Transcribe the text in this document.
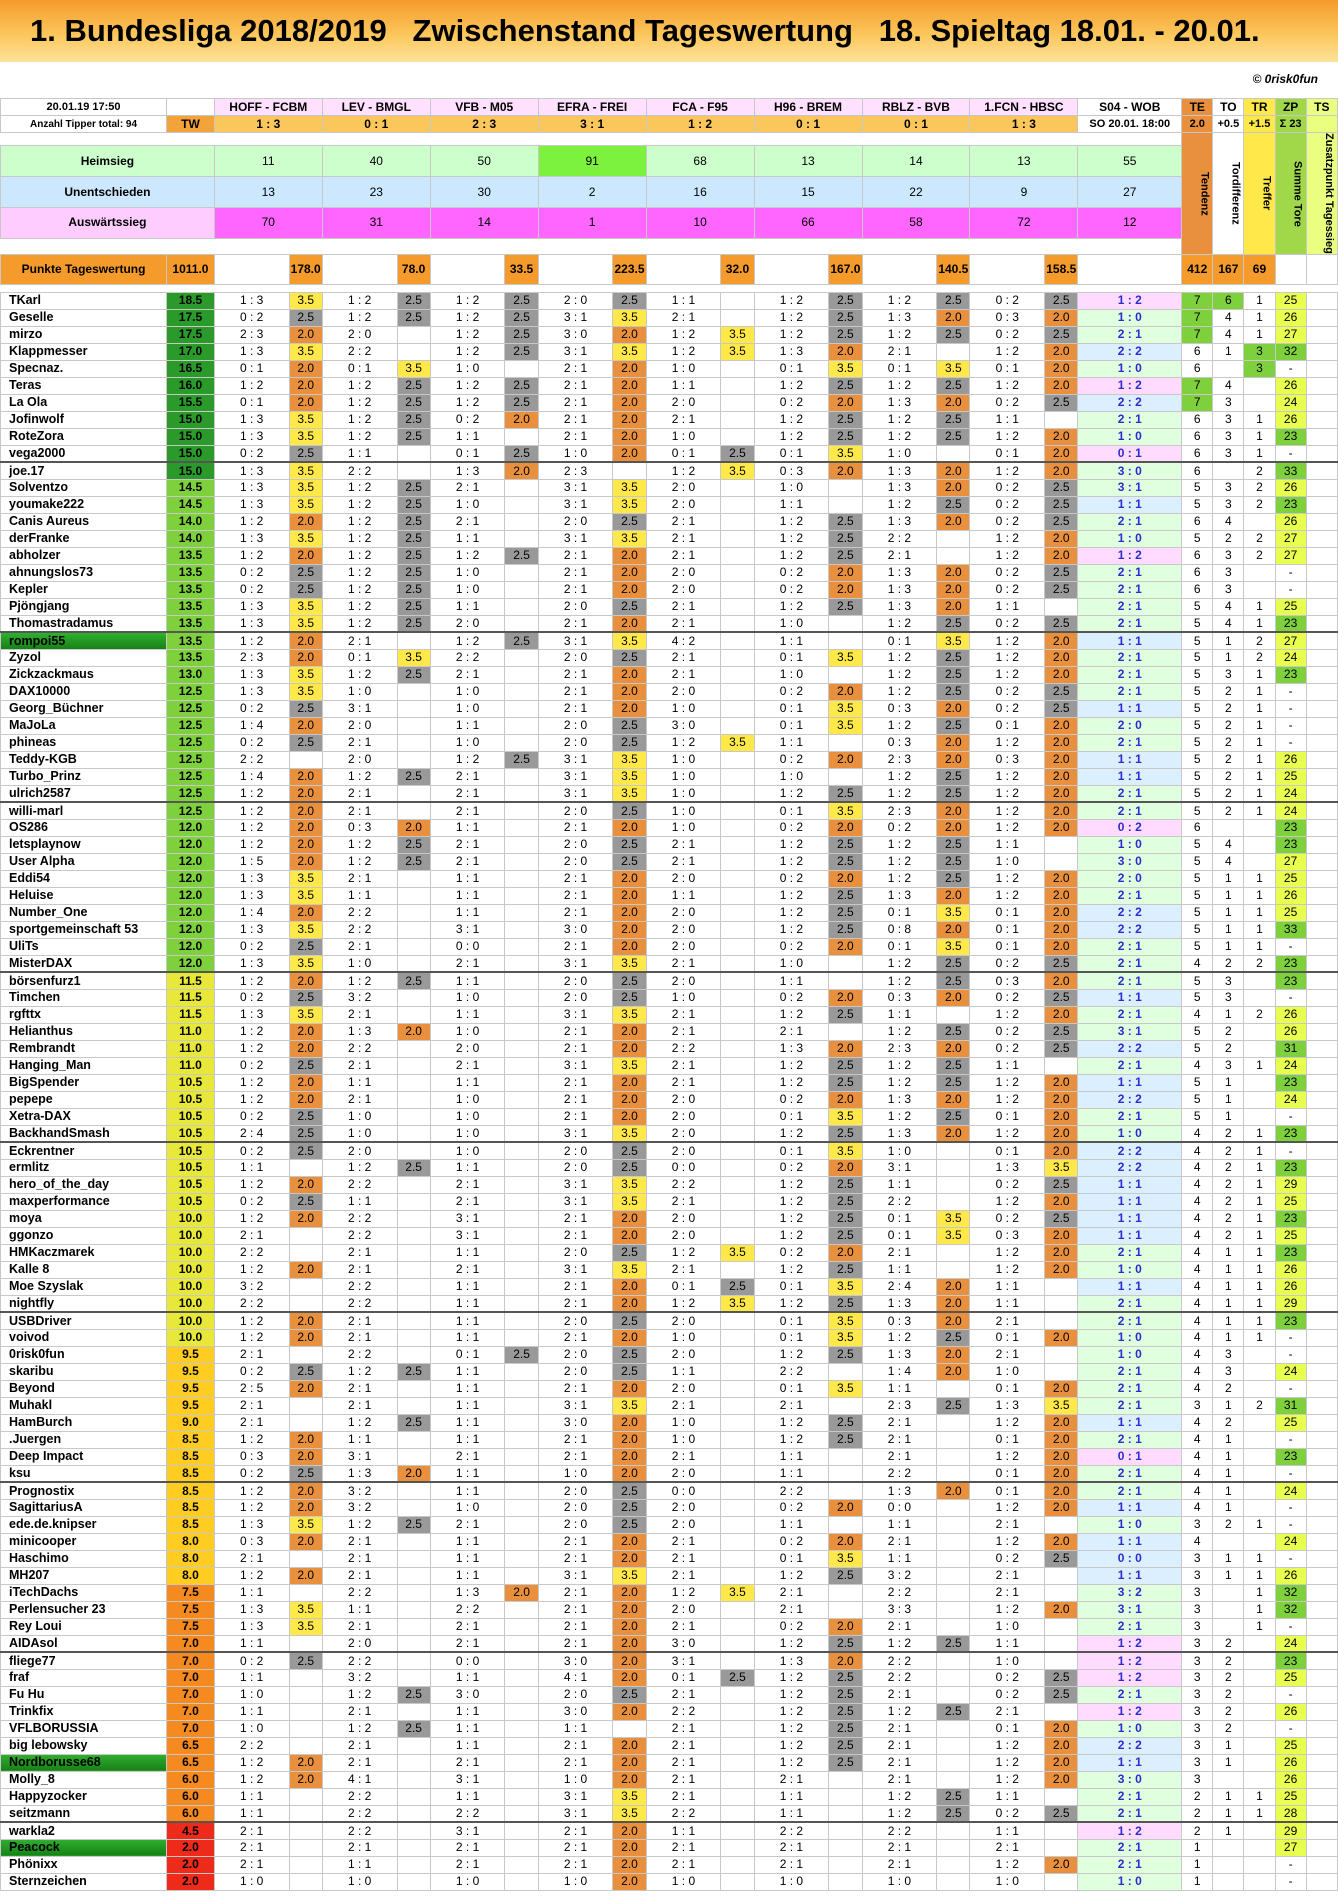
1. Bundesliga 2018/2019   Zwischenstand Tageswertung   18. Spieltag 18.01. - 20.01.
© 0risk0fun
20.01.19 17:50		HOFF - FCBM		LEV - BMGL		VFB - M05		EFRA - FREI		FCA - F95		H96 - BREM		RBLZ - BVB		1.FCN - HBSC		S04 - WOB	TE	TO	TR	ZP	TS
Anzahl Tipper total: 94	TW	1 : 3		0 : 1		2 : 3		3 : 1		1 : 2		0 : 1		0 : 1		1 : 3		SO 20.01. 18:00	2.0	+0.5	+1.5	Σ 23	
																			Tendenz	Tordifferenz	Treffer	Summe Tore	Zusatzpunkt Tagessieg
Heimsieg		11		40		50		91		68		13		14		13		55					
Unentschieden		13		23		30		2		16		15		22		9		27					
Auswärtssieg		70		31		14		1		10		66		58		72		12					

Punkte Tageswertung	1011.0		178.0		78.0		33.5		223.5		32.0		167.0		140.5		158.5		412	167	69		

TKarl	18.5	1 : 3	3.5	1 : 2	2.5	1 : 2	2.5	2 : 0	2.5	1 : 1		1 : 2	2.5	1 : 2	2.5	0 : 2	2.5	1 : 2	7	6	1	25	
Geselle	17.5	0 : 2	2.5	1 : 2	2.5	1 : 2	2.5	3 : 1	3.5	2 : 1		1 : 2	2.5	1 : 3	2.0	0 : 3	2.0	1 : 0	7	4	1	26	
mirzo	17.5	2 : 3	2.0	2 : 0		1 : 2	2.5	3 : 0	2.0	1 : 2	3.5	1 : 2	2.5	1 : 2	2.5	0 : 2	2.5	2 : 1	7	4	1	27	
Klappmesser	17.0	1 : 3	3.5	2 : 2		1 : 2	2.5	3 : 1	3.5	1 : 2	3.5	1 : 3	2.0	2 : 1		1 : 2	2.0	2 : 2	6	1	3	32	
Specnaz.	16.5	0 : 1	2.0	0 : 1	3.5	1 : 0		2 : 1	2.0	1 : 0		0 : 1	3.5	0 : 1	3.5	0 : 1	2.0	1 : 0	6		3	-	
Teras	16.0	1 : 2	2.0	1 : 2	2.5	1 : 2	2.5	2 : 1	2.0	1 : 1		1 : 2	2.5	1 : 2	2.5	1 : 2	2.0	1 : 2	7	4		26	
La Ola	15.5	0 : 1	2.0	1 : 2	2.5	1 : 2	2.5	2 : 1	2.0	2 : 0		0 : 2	2.0	1 : 3	2.0	0 : 2	2.5	2 : 2	7	3		24	
Jofinwolf	15.0	1 : 3	3.5	1 : 2	2.5	0 : 2	2.0	2 : 1	2.0	2 : 1		1 : 2	2.5	1 : 2	2.5	1 : 1		2 : 1	6	3	1	26	
RoteZora	15.0	1 : 3	3.5	1 : 2	2.5	1 : 1		2 : 1	2.0	1 : 0		1 : 2	2.5	1 : 2	2.5	1 : 2	2.0	1 : 0	6	3	1	23	
vega2000	15.0	0 : 2	2.5	1 : 1		0 : 1	2.5	1 : 0	2.0	0 : 1	2.5	0 : 1	3.5	1 : 0		0 : 1	2.0	0 : 1	6	3	1	-	
joe.17	15.0	1 : 3	3.5	2 : 2		1 : 3	2.0	2 : 3		1 : 2	3.5	0 : 3	2.0	1 : 3	2.0	1 : 2	2.0	3 : 0	6		2	33	
Solventzo	14.5	1 : 3	3.5	1 : 2	2.5	2 : 1		3 : 1	3.5	2 : 0		1 : 0		1 : 3	2.0	0 : 2	2.5	3 : 1	5	3	2	26	
youmake222	14.5	1 : 3	3.5	1 : 2	2.5	1 : 0		3 : 1	3.5	2 : 0		1 : 1		1 : 2	2.5	0 : 2	2.5	1 : 1	5	3	2	23	
Canis Aureus	14.0	1 : 2	2.0	1 : 2	2.5	2 : 1		2 : 0	2.5	2 : 1		1 : 2	2.5	1 : 3	2.0	0 : 2	2.5	2 : 1	6	4		26	
derFranke	14.0	1 : 3	3.5	1 : 2	2.5	1 : 1		3 : 1	3.5	2 : 1		1 : 2	2.5	2 : 2		1 : 2	2.0	1 : 0	5	2	2	27	
abholzer	13.5	1 : 2	2.0	1 : 2	2.5	1 : 2	2.5	2 : 1	2.0	2 : 1		1 : 2	2.5	2 : 1		1 : 2	2.0	1 : 2	6	3	2	27	
ahnungslos73	13.5	0 : 2	2.5	1 : 2	2.5	1 : 0		2 : 1	2.0	2 : 0		0 : 2	2.0	1 : 3	2.0	0 : 2	2.5	2 : 1	6	3		-	
Kepler	13.5	0 : 2	2.5	1 : 2	2.5	1 : 0		2 : 1	2.0	2 : 0		0 : 2	2.0	1 : 3	2.0	0 : 2	2.5	2 : 1	6	3		-	
Pjöngjang	13.5	1 : 3	3.5	1 : 2	2.5	1 : 1		2 : 0	2.5	2 : 1		1 : 2	2.5	1 : 3	2.0	1 : 1		2 : 1	5	4	1	25	
Thomastradamus	13.5	1 : 3	3.5	1 : 2	2.5	2 : 0		2 : 1	2.0	2 : 1		1 : 0		1 : 2	2.5	0 : 2	2.5	2 : 1	5	4	1	23	
rompoi55	13.5	1 : 2	2.0	2 : 1		1 : 2	2.5	3 : 1	3.5	4 : 2		1 : 1		0 : 1	3.5	1 : 2	2.0	1 : 1	5	1	2	27	
Zyzol	13.5	2 : 3	2.0	0 : 1	3.5	2 : 2		2 : 0	2.5	2 : 1		0 : 1	3.5	1 : 2	2.5	1 : 2	2.0	2 : 1	5	1	2	24	
Zickzackmaus	13.0	1 : 3	3.5	1 : 2	2.5	2 : 1		2 : 1	2.0	2 : 1		1 : 0		1 : 2	2.5	1 : 2	2.0	2 : 1	5	3	1	23	
DAX10000	12.5	1 : 3	3.5	1 : 0		1 : 0		2 : 1	2.0	2 : 0		0 : 2	2.0	1 : 2	2.5	0 : 2	2.5	2 : 1	5	2	1	-	
Georg_Büchner	12.5	0 : 2	2.5	3 : 1		1 : 0		2 : 1	2.0	1 : 0		0 : 1	3.5	0 : 3	2.0	0 : 2	2.5	1 : 1	5	2	1	-	
MaJoLa	12.5	1 : 4	2.0	2 : 0		1 : 1		2 : 0	2.5	3 : 0		0 : 1	3.5	1 : 2	2.5	0 : 1	2.0	2 : 0	5	2	1	-	
phineas	12.5	0 : 2	2.5	2 : 1		1 : 0		2 : 0	2.5	1 : 2	3.5	1 : 1		0 : 3	2.0	1 : 2	2.0	2 : 1	5	2	1	-	
Teddy-KGB	12.5	2 : 2		2 : 0		1 : 2	2.5	3 : 1	3.5	1 : 0		0 : 2	2.0	2 : 3	2.0	0 : 3	2.0	1 : 1	5	2	1	26	
Turbo_Prinz	12.5	1 : 4	2.0	1 : 2	2.5	2 : 1		3 : 1	3.5	1 : 0		1 : 0		1 : 2	2.5	1 : 2	2.0	1 : 1	5	2	1	25	
ulrich2587	12.5	1 : 2	2.0	2 : 1		2 : 1		3 : 1	3.5	1 : 0		1 : 2	2.5	1 : 2	2.5	1 : 2	2.0	2 : 1	5	2	1	24	
willi-marl	12.5	1 : 2	2.0	2 : 1		2 : 1		2 : 0	2.5	1 : 0		0 : 1	3.5	2 : 3	2.0	1 : 2	2.0	2 : 1	5	2	1	24	
OS286	12.0	1 : 2	2.0	0 : 3	2.0	1 : 1		2 : 1	2.0	1 : 0		0 : 2	2.0	0 : 2	2.0	1 : 2	2.0	0 : 2	6			23	
letsplaynow	12.0	1 : 2	2.0	1 : 2	2.5	2 : 1		2 : 0	2.5	2 : 1		1 : 2	2.5	1 : 2	2.5	1 : 1		1 : 0	5	4		23	
User Alpha	12.0	1 : 5	2.0	1 : 2	2.5	2 : 1		2 : 0	2.5	2 : 1		1 : 2	2.5	1 : 2	2.5	1 : 0		3 : 0	5	4		27	
Eddi54	12.0	1 : 3	3.5	2 : 1		1 : 1		2 : 1	2.0	2 : 0		0 : 2	2.0	1 : 2	2.5	1 : 2	2.0	2 : 0	5	1	1	25	
Heluise	12.0	1 : 3	3.5	1 : 1		1 : 1		2 : 1	2.0	1 : 1		1 : 2	2.5	1 : 3	2.0	1 : 2	2.0	2 : 1	5	1	1	26	
Number_One	12.0	1 : 4	2.0	2 : 2		1 : 1		2 : 1	2.0	2 : 0		1 : 2	2.5	0 : 1	3.5	0 : 1	2.0	2 : 2	5	1	1	25	
sportgemeinschaft 53	12.0	1 : 3	3.5	2 : 2		3 : 1		3 : 0	2.0	2 : 0		1 : 2	2.5	0 : 8	2.0	0 : 1	2.0	2 : 2	5	1	1	33	
UliTs	12.0	0 : 2	2.5	2 : 1		0 : 0		2 : 1	2.0	2 : 0		0 : 2	2.0	0 : 1	3.5	0 : 1	2.0	2 : 1	5	1	1	-	
MisterDAX	12.0	1 : 3	3.5	1 : 0		2 : 1		3 : 1	3.5	2 : 1		1 : 0		1 : 2	2.5	0 : 2	2.5	2 : 1	4	2	2	23	
börsenfurz1	11.5	1 : 2	2.0	1 : 2	2.5	1 : 1		2 : 0	2.5	2 : 0		1 : 1		1 : 2	2.5	0 : 3	2.0	2 : 1	5	3		23	
Timchen	11.5	0 : 2	2.5	3 : 2		1 : 0		2 : 0	2.5	1 : 0		0 : 2	2.0	0 : 3	2.0	0 : 2	2.5	1 : 1	5	3		-	
rgfttx	11.5	1 : 3	3.5	2 : 1		1 : 1		3 : 1	3.5	2 : 1		1 : 2	2.5	1 : 1		1 : 2	2.0	2 : 1	4	1	2	26	
Helianthus	11.0	1 : 2	2.0	1 : 3	2.0	1 : 0		2 : 1	2.0	2 : 1		2 : 1		1 : 2	2.5	0 : 2	2.5	3 : 1	5	2		26	
Rembrandt	11.0	1 : 2	2.0	2 : 2		2 : 0		2 : 1	2.0	2 : 2		1 : 3	2.0	2 : 3	2.0	0 : 2	2.5	2 : 2	5	2		31	
Hanging_Man	11.0	0 : 2	2.5	2 : 1		2 : 1		3 : 1	3.5	2 : 1		1 : 2	2.5	1 : 2	2.5	1 : 1		2 : 1	4	3	1	24	
BigSpender	10.5	1 : 2	2.0	1 : 1		1 : 1		2 : 1	2.0	2 : 1		1 : 2	2.5	1 : 2	2.5	1 : 2	2.0	1 : 1	5	1		23	
pepepe	10.5	1 : 2	2.0	2 : 1		1 : 0		2 : 1	2.0	2 : 0		0 : 2	2.0	1 : 3	2.0	1 : 2	2.0	2 : 2	5	1		24	
Xetra-DAX	10.5	0 : 2	2.5	1 : 0		1 : 0		2 : 1	2.0	2 : 0		0 : 1	3.5	1 : 2	2.5	0 : 1	2.0	2 : 1	5	1		-	
BackhandSmash	10.5	2 : 4	2.5	1 : 0		1 : 0		3 : 1	3.5	2 : 0		1 : 2	2.5	1 : 3	2.0	1 : 2	2.0	1 : 0	4	2	1	23	
Eckrentner	10.5	0 : 2	2.5	2 : 0		1 : 0		2 : 0	2.5	2 : 0		0 : 1	3.5	1 : 0		0 : 1	2.0	2 : 2	4	2	1	-	
ermlitz	10.5	1 : 1		1 : 2	2.5	1 : 1		2 : 0	2.5	0 : 0		0 : 2	2.0	3 : 1		1 : 3	3.5	2 : 2	4	2	1	23	
hero_of_the_day	10.5	1 : 2	2.0	2 : 2		2 : 1		3 : 1	3.5	2 : 2		1 : 2	2.5	1 : 1		0 : 2	2.5	1 : 1	4	2	1	29	
maxperformance	10.5	0 : 2	2.5	1 : 1		2 : 1		3 : 1	3.5	2 : 1		1 : 2	2.5	2 : 2		1 : 2	2.0	1 : 1	4	2	1	25	
moya	10.0	1 : 2	2.0	2 : 2		3 : 1		2 : 1	2.0	2 : 0		1 : 2	2.5	0 : 1	3.5	0 : 2	2.5	1 : 1	4	2	1	23	
ggonzo	10.0	2 : 1		2 : 2		3 : 1		2 : 1	2.0	2 : 0		1 : 2	2.5	0 : 1	3.5	0 : 3	2.0	1 : 1	4	2	1	25	
HMKaczmarek	10.0	2 : 2		2 : 1		1 : 1		2 : 0	2.5	1 : 2	3.5	0 : 2	2.0	2 : 1		1 : 2	2.0	2 : 1	4	1	1	23	
Kalle 8	10.0	1 : 2	2.0	2 : 1		2 : 1		3 : 1	3.5	2 : 1		1 : 2	2.5	1 : 1		1 : 2	2.0	1 : 0	4	1	1	26	
Moe Szyslak	10.0	3 : 2		2 : 2		1 : 1		2 : 1	2.0	0 : 1	2.5	0 : 1	3.5	2 : 4	2.0	1 : 1		1 : 1	4	1	1	26	
nightfly	10.0	2 : 2		2 : 2		1 : 1		2 : 1	2.0	1 : 2	3.5	1 : 2	2.5	1 : 3	2.0	1 : 1		2 : 1	4	1	1	29	
USBDriver	10.0	1 : 2	2.0	2 : 1		1 : 1		2 : 0	2.5	2 : 0		0 : 1	3.5	0 : 3	2.0	2 : 1		2 : 1	4	1	1	23	
voivod	10.0	1 : 2	2.0	2 : 1		1 : 1		2 : 1	2.0	1 : 0		0 : 1	3.5	1 : 2	2.5	0 : 1	2.0	1 : 0	4	1	1	-	
0risk0fun	9.5	2 : 1		2 : 2		0 : 1	2.5	2 : 0	2.5	2 : 0		1 : 2	2.5	1 : 3	2.0	2 : 1		1 : 0	4	3		-	
skaribu	9.5	0 : 2	2.5	1 : 2	2.5	1 : 1		2 : 0	2.5	1 : 1		2 : 2		1 : 4	2.0	1 : 0		2 : 1	4	3		24	
Beyond	9.5	2 : 5	2.0	2 : 1		1 : 1		2 : 1	2.0	2 : 0		0 : 1	3.5	1 : 1		0 : 1	2.0	2 : 1	4	2		-	
Muhakl	9.5	2 : 1		2 : 1		1 : 1		3 : 1	3.5	2 : 1		2 : 1		2 : 3	2.5	1 : 3	3.5	2 : 1	3	1	2	31	
HamBurch	9.0	2 : 1		1 : 2	2.5	1 : 1		3 : 0	2.0	1 : 0		1 : 2	2.5	2 : 1		1 : 2	2.0	1 : 1	4	2		25	
.Juergen	8.5	1 : 2	2.0	1 : 1		1 : 1		2 : 1	2.0	1 : 0		1 : 2	2.5	2 : 1		0 : 1	2.0	2 : 1	4	1		-	
Deep Impact	8.5	0 : 3	2.0	3 : 1		2 : 1		2 : 1	2.0	2 : 1		1 : 1		2 : 1		1 : 2	2.0	0 : 1	4	1		23	
ksu	8.5	0 : 2	2.5	1 : 3	2.0	1 : 1		1 : 0	2.0	2 : 0		1 : 1		2 : 2		0 : 1	2.0	2 : 1	4	1		-	
Prognostix	8.5	1 : 2	2.0	3 : 2		1 : 1		2 : 0	2.5	0 : 0		2 : 2		1 : 3	2.0	0 : 1	2.0	2 : 1	4	1		24	
SagittariusA	8.5	1 : 2	2.0	3 : 2		1 : 0		2 : 0	2.5	2 : 0		0 : 2	2.0	0 : 0		1 : 2	2.0	1 : 1	4	1		-	
ede.de.knipser	8.5	1 : 3	3.5	1 : 2	2.5	2 : 1		2 : 0	2.5	2 : 0		1 : 1		1 : 1		2 : 1		1 : 0	3	2	1	-	
minicooper	8.0	0 : 3	2.0	2 : 1		1 : 1		2 : 1	2.0	2 : 1		0 : 2	2.0	2 : 1		1 : 2	2.0	1 : 1	4			24	
Haschimo	8.0	2 : 1		2 : 1		1 : 1		2 : 1	2.0	2 : 1		0 : 1	3.5	1 : 1		0 : 2	2.5	0 : 0	3	1	1	-	
MH207	8.0	1 : 2	2.0	2 : 1		1 : 1		3 : 1	3.5	2 : 1		1 : 2	2.5	3 : 2		2 : 1		1 : 1	3	1	1	26	
iTechDachs	7.5	1 : 1		2 : 2		1 : 3	2.0	2 : 1	2.0	1 : 2	3.5	2 : 1		2 : 2		2 : 1		3 : 2	3		1	32	
Perlensucher 23	7.5	1 : 3	3.5	1 : 1		2 : 2		2 : 1	2.0	2 : 0		2 : 1		3 : 3		1 : 2	2.0	3 : 1	3		1	32	
Rey Loui	7.5	1 : 3	3.5	2 : 1		2 : 1		2 : 1	2.0	2 : 1		0 : 2	2.0	2 : 1		1 : 0		2 : 1	3		1	-	
AIDAsol	7.0	1 : 1		2 : 0		2 : 1		2 : 1	2.0	3 : 0		1 : 2	2.5	1 : 2	2.5	1 : 1		1 : 2	3	2		24	
fliege77	7.0	0 : 2	2.5	2 : 2		0 : 0		3 : 0	2.0	3 : 1		1 : 3	2.0	2 : 2		1 : 0		1 : 2	3	2		23	
fraf	7.0	1 : 1		3 : 2		1 : 1		4 : 1	2.0	0 : 1	2.5	1 : 2	2.5	2 : 2		0 : 2	2.5	1 : 2	3	2		25	
Fu Hu	7.0	1 : 0		1 : 2	2.5	3 : 0		2 : 0	2.5	2 : 1		1 : 2	2.5	2 : 1		0 : 2	2.5	2 : 1	3	2		-	
Trinkfix	7.0	1 : 1		2 : 1		1 : 1		3 : 0	2.0	2 : 2		1 : 2	2.5	1 : 2	2.5	2 : 1		1 : 2	3	2		26	
VFLBORUSSIA	7.0	1 : 0		1 : 2	2.5	1 : 1		1 : 1		2 : 1		1 : 2	2.5	2 : 1		0 : 1	2.0	1 : 0	3	2		-	
big lebowsky	6.5	2 : 2		2 : 1		1 : 1		2 : 1	2.0	2 : 1		1 : 2	2.5	2 : 1		1 : 2	2.0	2 : 2	3	1		25	
Nordborusse68	6.5	1 : 2	2.0	2 : 1		2 : 1		2 : 1	2.0	2 : 1		1 : 2	2.5	2 : 1		1 : 2	2.0	1 : 1	3	1		26	
Molly_8	6.0	1 : 2	2.0	4 : 1		3 : 1		1 : 0	2.0	2 : 1		2 : 1		2 : 1		1 : 2	2.0	3 : 0	3			26	
Happyzocker	6.0	1 : 1		2 : 2		1 : 1		3 : 1	3.5	2 : 1		1 : 1		1 : 2	2.5	1 : 1		2 : 1	2	1	1	25	
seitzmann	6.0	1 : 1		2 : 2		2 : 2		3 : 1	3.5	2 : 2		1 : 1		1 : 2	2.5	0 : 2	2.5	2 : 1	2	1	1	28	
warkla2	4.5	2 : 1		2 : 2		3 : 1		2 : 1	2.0	1 : 1		2 : 2		2 : 2		1 : 1		1 : 2	2	1		29	
Peacock	2.0	2 : 1		2 : 1		2 : 1		2 : 1	2.0	2 : 1		2 : 1		2 : 1		2 : 1		2 : 1	1			27	
Phönixx	2.0	2 : 1		1 : 1		2 : 1		2 : 1	2.0	2 : 1		2 : 1		2 : 1		1 : 2	2.0	2 : 1	1			-	
Sternzeichen	2.0	1 : 0		1 : 0		1 : 0		1 : 0	2.0	1 : 0		1 : 0		1 : 0		1 : 0		1 : 0	1			-	
